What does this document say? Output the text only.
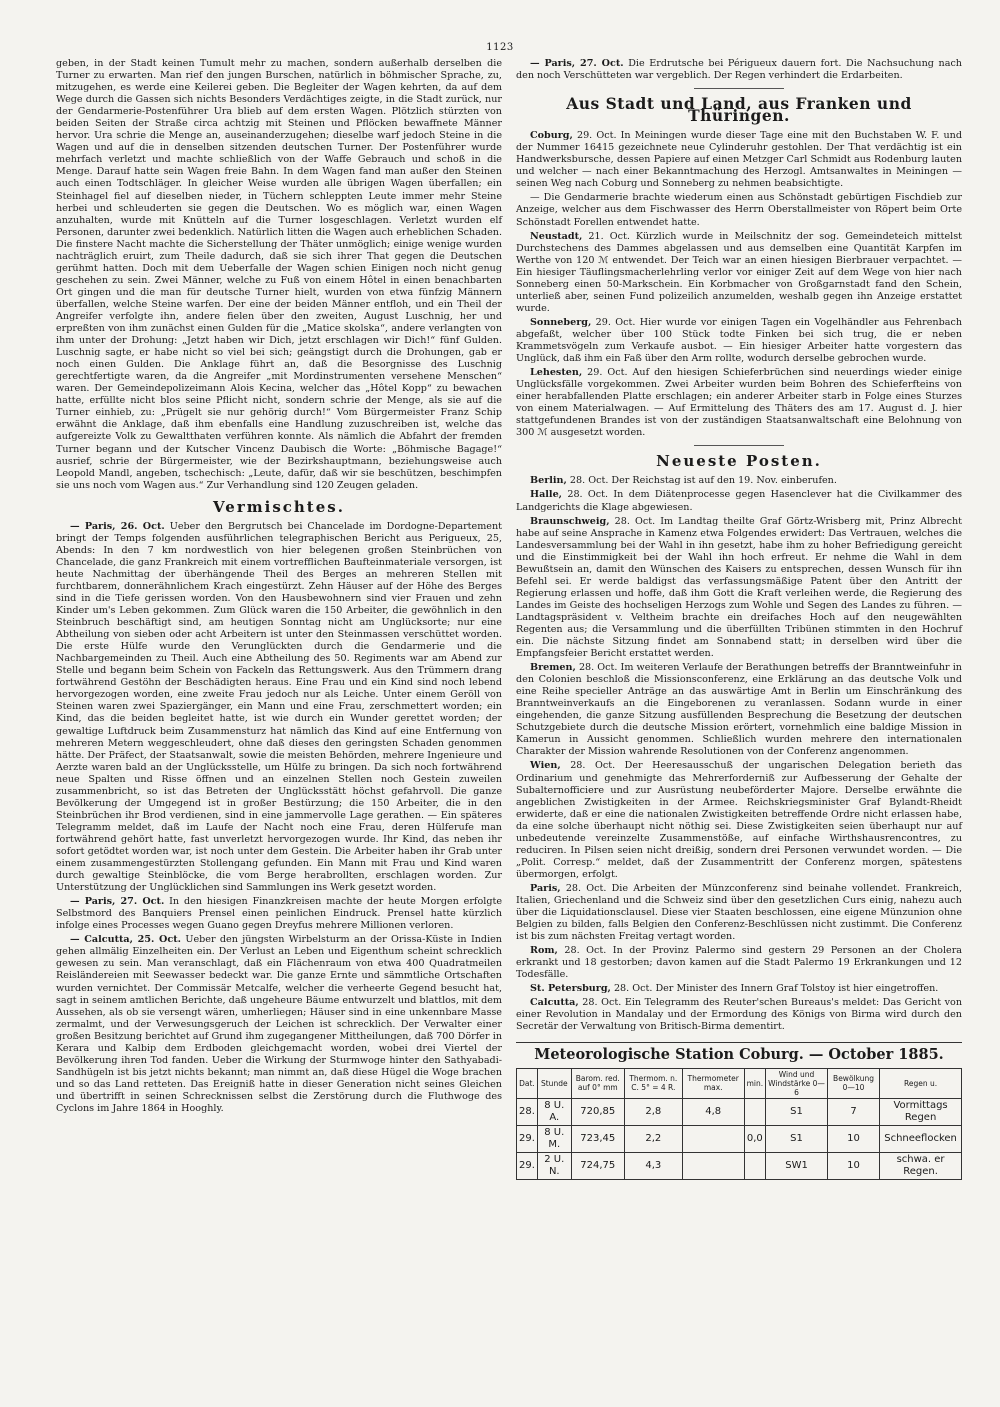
1123

geben, in der Stadt keinen Tumult mehr zu machen, sondern außerhalb derselben die Turner zu erwarten. Man rief den jungen Burschen, natürlich in böhmischer Sprache, zu, mitzugehen, es werde eine Keilerei geben. Die Begleiter der Wagen kehrten, da auf dem Wege durch die Gassen sich nichts Besonders Verdächtiges zeigte, in die Stadt zurück, nur der Gendarmerie-Postenführer Ura blieb auf dem ersten Wagen. Plötzlich stürzten von beiden Seiten der Straße circa achtzig mit Steinen und Pflöcken bewaffnete Männer hervor. Ura schrie die Menge an, auseinanderzugehen; dieselbe warf jedoch Steine in die Wagen und auf die in denselben sitzenden deutschen Turner. Der Postenführer wurde mehrfach verletzt und machte schließlich von der Waffe Gebrauch und schoß in die Menge. Darauf hatte sein Wagen freie Bahn. In dem Wagen fand man außer den Steinen auch einen Todtschläger. In gleicher Weise wurden alle übrigen Wagen überfallen; ein Steinhagel fiel auf dieselben nieder, in Tüchern schleppten Leute immer mehr Steine herbei und schleuderten sie gegen die Deutschen. Wo es möglich war, einen Wagen anzuhalten, wurde mit Knütteln auf die Turner losgeschlagen. Verletzt wurden elf Personen, darunter zwei bedenklich. Natürlich litten die Wagen auch erheblichen Schaden. Die finstere Nacht machte die Sicherstellung der Thäter unmöglich; einige wenige wurden nachträglich eruirt, zum Theile dadurch, daß sie sich ihrer That gegen die Deutschen gerühmt hatten. Doch mit dem Ueberfalle der Wagen schien Einigen noch nicht genug geschehen zu sein. Zwei Männer, welche zu Fuß von einem Hôtel in einen benachbarten Ort gingen und die man für deutsche Turner hielt, wurden von etwa fünfzig Männern überfallen, welche Steine warfen. Der eine der beiden Männer entfloh, und ein Theil der Angreifer verfolgte ihn, andere fielen über den zweiten, August Luschnig, her und erpreßten von ihm zunächst einen Gulden für die „Matice skolska“, andere verlangten von ihm unter der Drohung: „Jetzt haben wir Dich, jetzt erschlagen wir Dich!“ fünf Gulden. Luschnig sagte, er habe nicht so viel bei sich; geängstigt durch die Drohungen, gab er noch einen Gulden. Die Anklage führt an, daß die Besorgnisse des Luschnig gerechtfertigte waren, da die Angreifer „mit Mordinstrumenten versehene Menschen“ waren. Der Gemeindepolizeimann Alois Kecina, welcher das „Hôtel Kopp“ zu bewachen hatte, erfüllte nicht blos seine Pflicht nicht, sondern schrie der Menge, als sie auf die Turner einhieb, zu: „Prügelt sie nur gehörig durch!“ Vom Bürgermeister Franz Schip erwähnt die Anklage, daß ihm ebenfalls eine Handlung zuzuschreiben ist, welche das aufgereizte Volk zu Gewaltthaten verführen konnte. Als nämlich die Abfahrt der fremden Turner begann und der Kutscher Vincenz Daubisch die Worte: „Böhmische Bagage!“ ausrief, schrie der Bürgermeister, wie der Bezirkshauptmann, beziehungsweise auch Leopold Mandl, angeben, tschechisch: „Leute, dafür, daß wir sie beschützen, beschimpfen sie uns noch vom Wagen aus.“ Zur Verhandlung sind 120 Zeugen geladen.

Vermischtes.

— Paris, 26. Oct. Ueber den Bergrutsch bei Chancelade im Dordogne-Departement bringt der Temps folgenden ausführlichen telegraphischen Bericht aus Perigueux, 25, Abends: In den 7 km nordwestlich von hier belegenen großen Steinbrüchen von Chancelade, die ganz Frankreich mit einem vortrefflichen Baufteinmateriale versorgen, ist heute Nachmittag der überhängende Theil des Berges an mehreren Stellen mit furchtbarem, donnerähnlichem Krach eingestürzt. Zehn Häuser auf der Höhe des Berges sind in die Tiefe gerissen worden. Von den Hausbewohnern sind vier Frauen und zehn Kinder um's Leben gekommen. Zum Glück waren die 150 Arbeiter, die gewöhnlich in den Steinbruch beschäftigt sind, am heutigen Sonntag nicht am Unglücksorte; nur eine Abtheilung von sieben oder acht Arbeitern ist unter den Steinmassen verschüttet worden. Die erste Hülfe wurde den Verunglückten durch die Gendarmerie und die Nachbargemeinden zu Theil. Auch eine Abtheilung des 50. Regiments war am Abend zur Stelle und begann beim Schein von Fackeln das Rettungswerk. Aus den Trümmern drang fortwährend Gestöhn der Beschädigten heraus. Eine Frau und ein Kind sind noch lebend hervorgezogen worden, eine zweite Frau jedoch nur als Leiche. Unter einem Geröll von Steinen waren zwei Spaziergänger, ein Mann und eine Frau, zerschmettert worden; ein Kind, das die beiden begleitet hatte, ist wie durch ein Wunder gerettet worden; der gewaltige Luftdruck beim Zusammensturz hat nämlich das Kind auf eine Entfernung von mehreren Metern weggeschleudert, ohne daß dieses den geringsten Schaden genommen hätte. Der Präfect, der Staatsanwalt, sowie die meisten Behörden, mehrere Ingenieure und Aerzte waren bald an der Unglücksstelle, um Hülfe zu bringen. Da sich noch fortwährend neue Spalten und Risse öffnen und an einzelnen Stellen noch Gestein zuweilen zusammenbricht, so ist das Betreten der Unglücksstätt höchst gefahrvoll. Die ganze Bevölkerung der Umgegend ist in großer Bestürzung; die 150 Arbeiter, die in den Steinbrüchen ihr Brod verdienen, sind in eine jammervolle Lage gerathen. — Ein späteres Telegramm meldet, daß im Laufe der Nacht noch eine Frau, deren Hülferufe man fortwährend gehört hatte, fast unverletzt hervorgezogen wurde. Ihr Kind, das neben ihr sofort getödtet worden war, ist noch unter dem Gestein. Die Arbeiter haben ihr Grab unter einem zusammengestürzten Stollengang gefunden. Ein Mann mit Frau und Kind waren durch gewaltige Steinblöcke, die vom Berge herabrollten, erschlagen worden. Zur Unterstützung der Unglücklichen sind Sammlungen ins Werk gesetzt worden.

— Paris, 27. Oct. In den hiesigen Finanzkreisen machte der heute Morgen erfolgte Selbstmord des Banquiers Prensel einen peinlichen Eindruck. Prensel hatte kürzlich infolge eines Processes wegen Guano gegen Dreyfus mehrere Millionen verloren.

— Calcutta, 25. Oct. Ueber den jüngsten Wirbelsturm an der Orissa-Küste in Indien gehen allmälig Einzelheiten ein. Der Verlust an Leben und Eigenthum scheint schrecklich gewesen zu sein. Man veranschlagt, daß ein Flächenraum von etwa 400 Quadratmeilen Reisländereien mit Seewasser bedeckt war. Die ganze Ernte und sämmtliche Ortschaften wurden vernichtet. Der Commissär Metcalfe, welcher die verheerte Gegend besucht hat, sagt in seinem amtlichen Berichte, daß ungeheure Bäume entwurzelt und blattlos, mit dem Aussehen, als ob sie versengt wären, umherliegen; Häuser sind in eine unkennbare Masse zermalmt, und der Verwesungsgeruch der Leichen ist schrecklich. Der Verwalter einer großen Besitzung berichtet auf Grund ihm zugegangener Mittheilungen, daß 700 Dörfer in Kerara und Kalbip dem Erdboden gleichgemacht worden, wobei drei Viertel der Bevölkerung ihren Tod fanden. Ueber die Wirkung der Sturmwoge hinter den Sathyabadi-Sandhügeln ist bis jetzt nichts bekannt; man nimmt an, daß diese Hügel die Woge brachen und so das Land retteten. Das Ereigniß hatte in dieser Generation nicht seines Gleichen und übertrifft in seinen Schrecknissen selbst die Zerstörung durch die Fluthwoge des Cyclons im Jahre 1864 in Hooghly.

— Paris, 27. Oct. Die Erdrutsche bei Périgueux dauern fort. Die Nachsuchung nach den noch Verschütteten war vergeblich. Der Regen verhindert die Erdarbeiten.

Aus Stadt und Land, aus Franken und Thüringen.

Coburg, 29. Oct. In Meiningen wurde dieser Tage eine mit den Buchstaben W. F. und der Nummer 16415 gezeichnete neue Cylinderuhr gestohlen. Der That verdächtig ist ein Handwerksbursche, dessen Papiere auf einen Metzger Carl Schmidt aus Rodenburg lauten und welcher — nach einer Bekanntmachung des Herzogl. Amtsanwaltes in Meiningen — seinen Weg nach Coburg und Sonneberg zu nehmen beabsichtigte.

— Die Gendarmerie brachte wiederum einen aus Schönstadt gebürtigen Fischdieb zur Anzeige, welcher aus dem Fischwasser des Herrn Oberstallmeister von Röpert beim Orte Schönstadt Forellen entwendet hatte.

Neustadt, 21. Oct. Kürzlich wurde in Meilschnitz der sog. Gemeindeteich mittelst Durchstechens des Dammes abgelassen und aus demselben eine Quantität Karpfen im Werthe von 120 ℳ entwendet. Der Teich war an einen hiesigen Bierbrauer verpachtet. — Ein hiesiger Täuflingsmacherlehrling verlor vor einiger Zeit auf dem Wege von hier nach Sonneberg einen 50-Markschein. Ein Korbmacher von Großgarnstadt fand den Schein, unterließ aber, seinen Fund polizeilich anzumelden, weshalb gegen ihn Anzeige erstattet wurde.

Sonneberg, 29. Oct. Hier wurde vor einigen Tagen ein Vogelhändler aus Fehrenbach abgefaßt, welcher über 100 Stück todte Finken bei sich trug, die er neben Krammetsvögeln zum Verkaufe ausbot. — Ein hiesiger Arbeiter hatte vorgestern das Unglück, daß ihm ein Faß über den Arm rollte, wodurch derselbe gebrochen wurde.

Lehesten, 29. Oct. Auf den hiesigen Schieferbrüchen sind neuerdings wieder einige Unglücksfälle vorgekommen. Zwei Arbeiter wurden beim Bohren des Schieferfteins von einer herabfallenden Platte erschlagen; ein anderer Arbeiter starb in Folge eines Sturzes von einem Materialwagen. — Auf Ermittelung des Thäters des am 17. August d. J. hier stattgefundenen Brandes ist von der zuständigen Staatsanwaltschaft eine Belohnung von 300 ℳ ausgesetzt worden.

Neueste Posten.

Berlin, 28. Oct. Der Reichstag ist auf den 19. Nov. einberufen.

Halle, 28. Oct. In dem Diätenprocesse gegen Hasenclever hat die Civilkammer des Landgerichts die Klage abgewiesen.

Braunschweig, 28. Oct. Im Landtag theilte Graf Görtz-Wrisberg mit, Prinz Albrecht habe auf seine Ansprache in Kamenz etwa Folgendes erwidert: Das Vertrauen, welches die Landesversammlung bei der Wahl in ihn gesetzt, habe ihm zu hoher Befriedigung gereicht und die Einstimmigkeit bei der Wahl ihn hoch erfreut. Er nehme die Wahl in dem Bewußtsein an, damit den Wünschen des Kaisers zu entsprechen, dessen Wunsch für ihn Befehl sei. Er werde baldigst das verfassungsmäßige Patent über den Antritt der Regierung erlassen und hoffe, daß ihm Gott die Kraft verleihen werde, die Regierung des Landes im Geiste des hochseligen Herzogs zum Wohle und Segen des Landes zu führen. — Landtagspräsident v. Veltheim brachte ein dreifaches Hoch auf den neugewählten Regenten aus; die Versammlung und die überfüllten Tribünen stimmten in den Hochruf ein. Die nächste Sitzung findet am Sonnabend statt; in derselben wird über die Empfangsfeier Bericht erstattet werden.

Bremen, 28. Oct. Im weiteren Verlaufe der Berathungen betreffs der Branntweinfuhr in den Colonien beschloß die Missionsconferenz, eine Erklärung an das deutsche Volk und eine Reihe specieller Anträge an das auswärtige Amt in Berlin um Einschränkung des Branntweinverkaufs an die Eingeborenen zu veranlassen. Sodann wurde in einer eingehenden, die ganze Sitzung ausfüllenden Besprechung die Besetzung der deutschen Schutzgebiete durch die deutsche Mission erörtert, vornehmlich eine baldige Mission in Kamerun in Aussicht genommen. Schließlich wurden mehrere den internationalen Charakter der Mission wahrende Resolutionen von der Conferenz angenommen.

Wien, 28. Oct. Der Heeresausschuß der ungarischen Delegation berieth das Ordinarium und genehmigte das Mehrerforderniß zur Aufbesserung der Gehalte der Subalternofficiere und zur Ausrüstung neubeförderter Majore. Derselbe erwähnte die angeblichen Zwistigkeiten in der Armee. Reichskriegsminister Graf Bylandt-Rheidt erwiderte, daß er eine die nationalen Zwistigkeiten betreffende Ordre nicht erlassen habe, da eine solche überhaupt nicht nöthig sei. Diese Zwistigkeiten seien überhaupt nur auf unbedeutende vereinzelte Zusammenstöße, auf einfache Wirthshausrencontres, zu reduciren. In Pilsen seien nicht dreißig, sondern drei Personen verwundet worden. — Die „Polit. Corresp.“ meldet, daß der Zusammentritt der Conferenz morgen, spätestens übermorgen, erfolgt.

Paris, 28. Oct. Die Arbeiten der Münzconferenz sind beinahe vollendet. Frankreich, Italien, Griechenland und die Schweiz sind über den gesetzlichen Curs einig, nahezu auch über die Liquidationsclausel. Diese vier Staaten beschlossen, eine eigene Münzunion ohne Belgien zu bilden, falls Belgien den Conferenz-Beschlüssen nicht zustimmt. Die Conferenz ist bis zum nächsten Freitag vertagt worden.

Rom, 28. Oct. In der Provinz Palermo sind gestern 29 Personen an der Cholera erkrankt und 18 gestorben; davon kamen auf die Stadt Palermo 19 Erkrankungen und 12 Todesfälle.

St. Petersburg, 28. Oct. Der Minister des Innern Graf Tolstoy ist hier eingetroffen.

Calcutta, 28. Oct. Ein Telegramm des Reuter'schen Bureaus's meldet: Das Gericht von einer Revolution in Mandalay und der Ermordung des Königs von Birma wird durch den Secretär der Verwaltung von Britisch-Birma dementirt.

Meteorologische Station Coburg. — October 1885.
Dat.	Stunde	Barom. red. auf 0° mm	Thermom. n. C. 5° = 4 R.	Thermometer max.	min.	Wind und Windstärke 0—6	Bewölkung 0—10	Regen u.
28.	8 U. A.	720,85	2,8	4,8		S1	7	Vormittags Regen
29.	8 U. M.	723,45	2,2		0,0	S1	10	Schneeflocken
29.	2 U. N.	724,75	4,3			SW1	10	schwa. er Regen.
